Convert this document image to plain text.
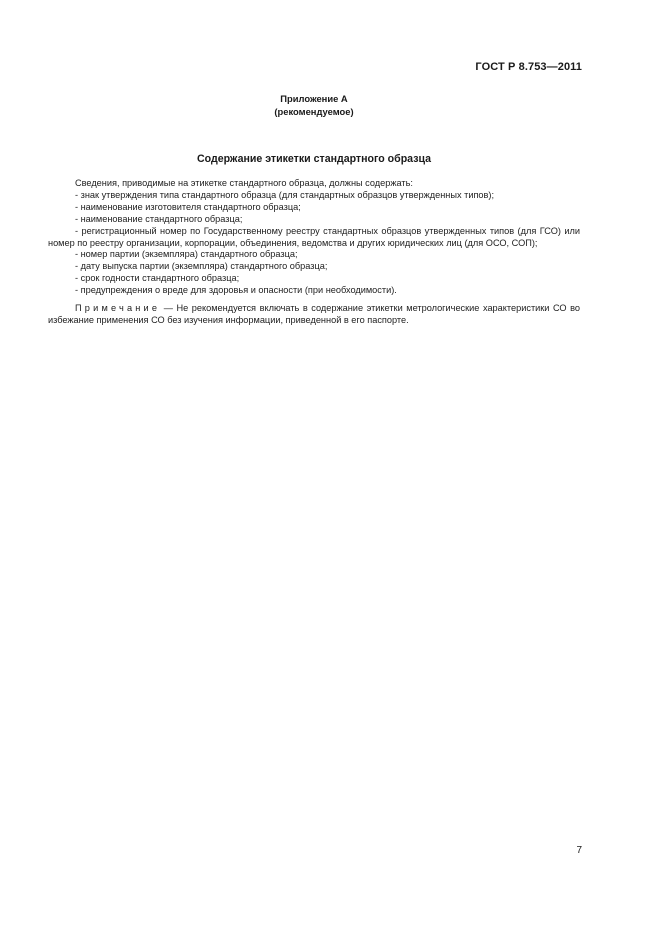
ГОСТ Р 8.753—2011
Приложение А
(рекомендуемое)
Содержание этикетки стандартного образца

Сведения, приводимые на этикетке стандартного образца, должны содержать:

- знак утверждения типа стандартного образца (для стандартных образцов утвержденных типов);

- наименование изготовителя стандартного образца;

- наименование стандартного образца;

- регистрационный номер по Государственному реестру стандартных образцов утвержденных типов (для ГСО) или номер по реестру организации, корпорации, объединения, ведомства и других юридических лиц (для ОСО, СОП);

- номер партии (экземпляра) стандартного образца;

- дату выпуска партии (экземпляра) стандартного образца;

- срок годности стандартного образца;

- предупреждения о вреде для здоровья и опасности (при необходимости).

Примечание — Не рекомендуется включать в содержание этикетки метрологические характеристики СО во избежание применения СО без изучения информации, приведенной в его паспорте.

7
